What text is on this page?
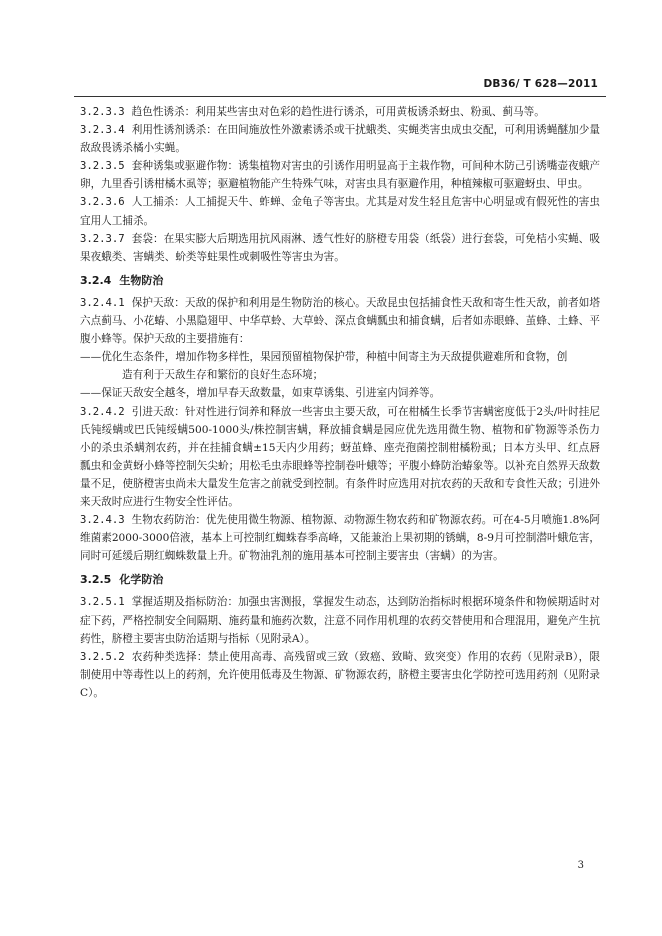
DB36/ T 628—2011

3.2.3.3 趋色性诱杀：利用某些害虫对色彩的趋性进行诱杀，可用黄板诱杀蚜虫、粉虱、蓟马等。

3.2.3.4 利用性诱剂诱杀：在田间施放性外激素诱杀或干扰蛾类、实蝇类害虫成虫交配，可利用诱蝇醚加少量敌敌畏诱杀橘小实蝇。

3.2.3.5 套种诱集或驱避作物：诱集植物对害虫的引诱作用明显高于主栽作物，可间种木防己引诱嘴壶夜蛾产卵，九里香引诱柑橘木虱等；驱避植物能产生特殊气味，对害虫具有驱避作用，种植辣椒可驱避蚜虫、甲虫。

3.2.3.6 人工捕杀：人工捕捉天牛、蚱蝉、金龟子等害虫。尤其是对发生轻且危害中心明显或有假死性的害虫宜用人工捕杀。

3.2.3.7 套袋：在果实膨大后期选用抗风雨淋、透气性好的脐橙专用袋（纸袋）进行套袋，可免桔小实蝇、吸果夜蛾类、害螨类、蚧类等蛀果性或刺吸性等害虫为害。

3.2.4 生物防治

3.2.4.1 保护天敌：天敌的保护和利用是生物防治的核心。天敌昆虫包括捕食性天敌和寄生性天敌，前者如塔六点蓟马、小花蝽、小黑隐翅甲、中华草蛉、大草蛉、深点食螨瓢虫和捕食螨，后者如赤眼蜂、茧蜂、土蜂、平腹小蜂等。保护天敌的主要措施有：

——优化生态条件，增加作物多样性，果园预留植物保护带，种植中间寄主为天敌提供避难所和食物，创

造有利于天敌生存和繁衍的良好生态环境；

——保证天敌安全越冬，增加早春天敌数量，如束草诱集、引进室内饲养等。

3.2.4.2 引进天敌：针对性进行饲养和释放一些害虫主要天敌，可在柑橘生长季节害螨密度低于2头/叶时挂尼氏钝绥螨或巴氏钝绥螨500-1000头/株控制害螨，释放捕食螨是园应优先选用微生物、植物和矿物源等杀伤力小的杀虫杀螨剂农药，并在挂捕食螨±15天内少用药；蚜茧蜂、座壳孢菌控制柑橘粉虱；日本方头甲、红点唇瓢虫和金黄蚜小蜂等控制矢尖蚧；用松毛虫赤眼蜂等控制卷叶蛾等；平腹小蜂防治蝽象等。以补充自然界天敌数量不足，使脐橙害虫尚未大量发生危害之前就受到控制。有条件时应选用对抗农药的天敌和专食性天敌；引进外来天敌时应进行生物安全性评估。

3.2.4.3 生物农药防治：优先使用微生物源、植物源、动物源生物农药和矿物源农药。可在4-5月喷施1.8%阿维菌素2000-3000倍液，基本上可控制红蜘蛛春季高峰，又能兼治上果初期的锈螨，8-9月可控制潜叶蛾危害，同时可延缓后期红蜘蛛数量上升。矿物油乳剂的施用基本可控制主要害虫（害螨）的为害。

3.2.5 化学防治

3.2.5.1 掌握适期及指标防治：加强虫害测报，掌握发生动态，达到防治指标时根据环境条件和物候期适时对症下药，严格控制安全间隔期、施药量和施药次数，注意不同作用机理的农药交替使用和合理混用，避免产生抗药性，脐橙主要害虫防治适期与指标（见附录A）。

3.2.5.2 农药种类选择：禁止使用高毒、高残留或三致（致癌、致畸、致突变）作用的农药（见附录B），限制使用中等毒性以上的药剂，允许使用低毒及生物源、矿物源农药，脐橙主要害虫化学防控可选用药剂（见附录C）。

3
